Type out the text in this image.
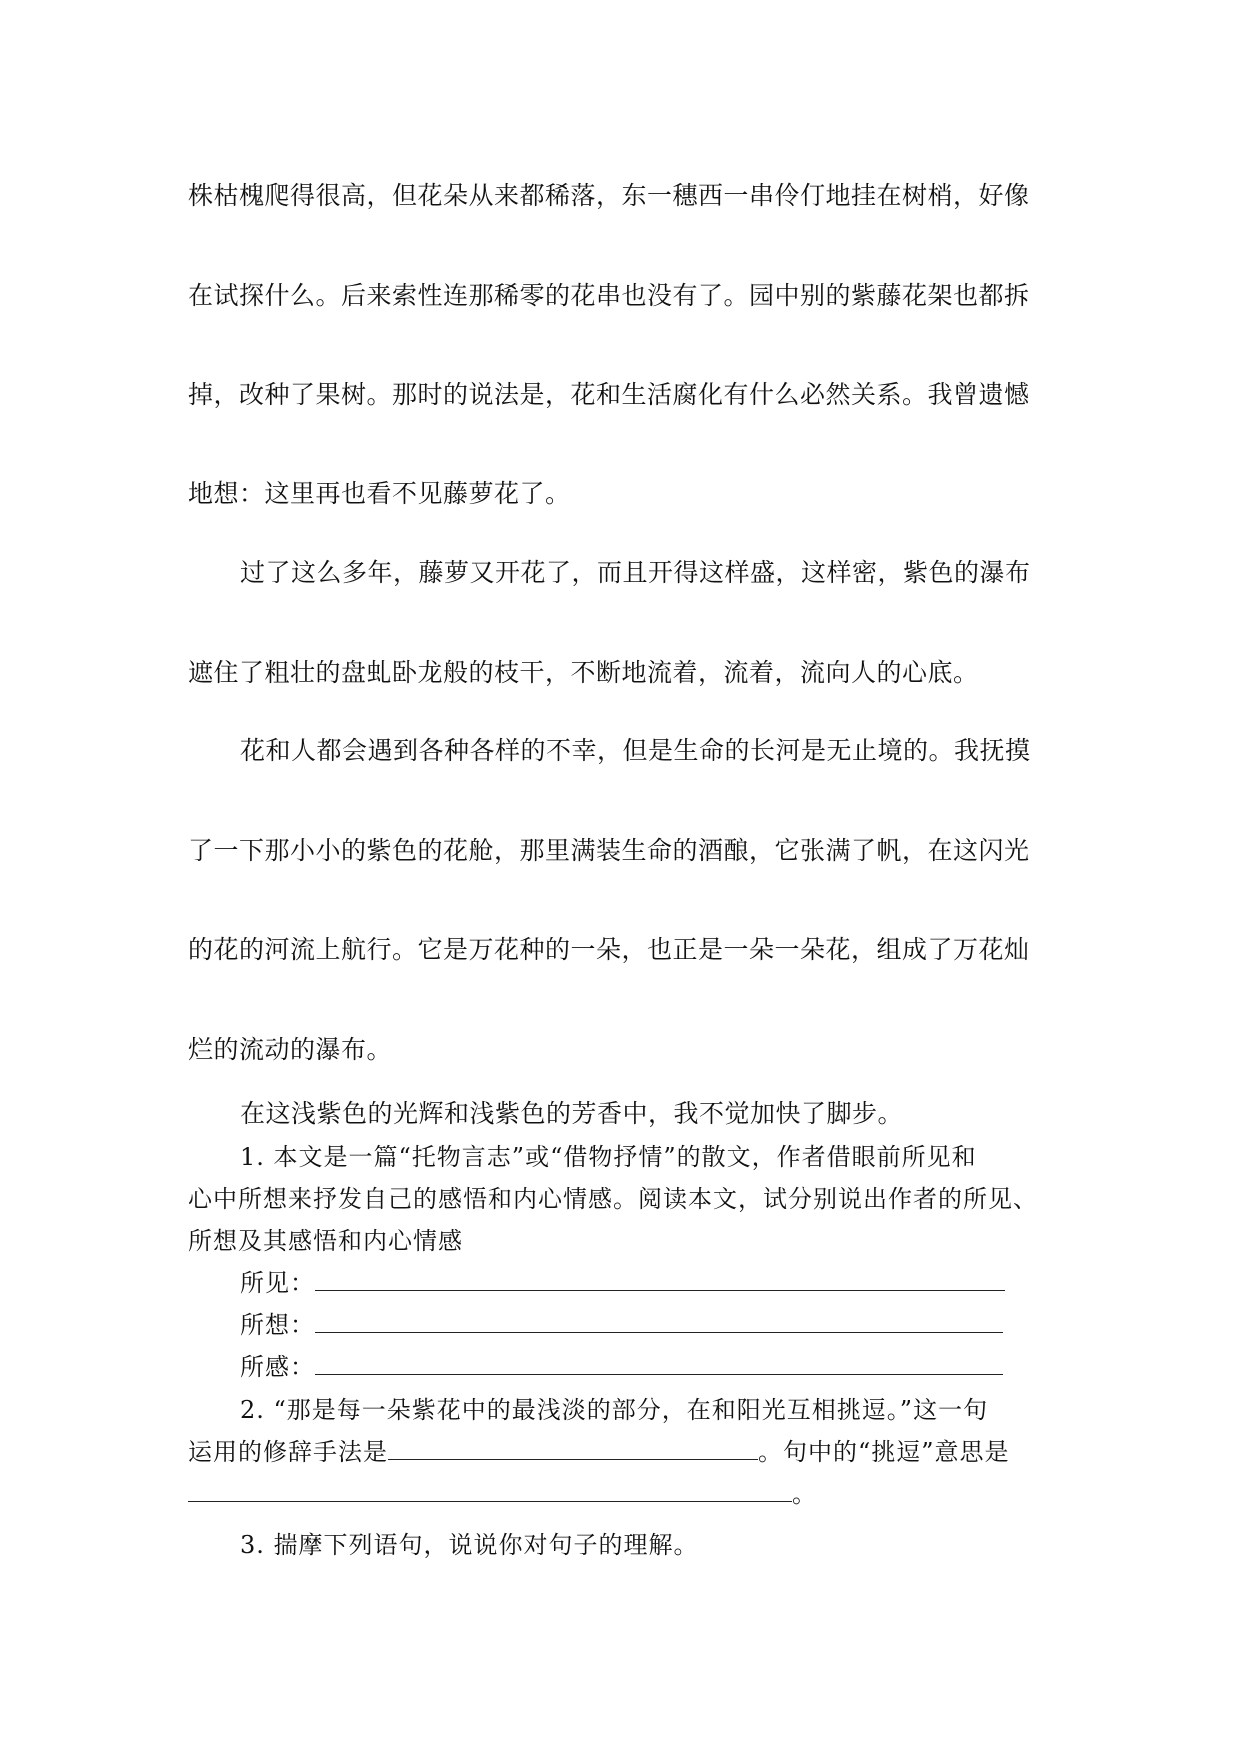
株枯槐爬得很高，但花朵从来都稀落，东一穗西一串伶仃地挂在树梢，好像
在试探什么。后来索性连那稀零的花串也没有了。园中别的紫藤花架也都拆
掉，改种了果树。那时的说法是，花和生活腐化有什么必然关系。我曾遗憾
地想：这里再也看不见藤萝花了。
过了这么多年，藤萝又开花了，而且开得这样盛，这样密，紫色的瀑布
遮住了粗壮的盘虬卧龙般的枝干，不断地流着，流着，流向人的心底。
花和人都会遇到各种各样的不幸，但是生命的长河是无止境的。我抚摸
了一下那小小的紫色的花舱，那里满装生命的酒酿，它张满了帆，在这闪光
的花的河流上航行。它是万花种的一朵，也正是一朵一朵花，组成了万花灿
烂的流动的瀑布。
在这浅紫色的光辉和浅紫色的芳香中，我不觉加快了脚步。
1. 本文是一篇“托物言志”或“借物抒情”的散文，作者借眼前所见和
心中所想来抒发自己的感悟和内心情感。阅读本文，试分别说出作者的所见、
所想及其感悟和内心情感
所见：
所想：
所感：
2. “那是每一朵紫花中的最浅淡的部分，在和阳光互相挑逗。”这一句
运用的修辞手法是	。句中的“挑逗”意思是
。
3. 揣摩下列语句，说说你对句子的理解。
